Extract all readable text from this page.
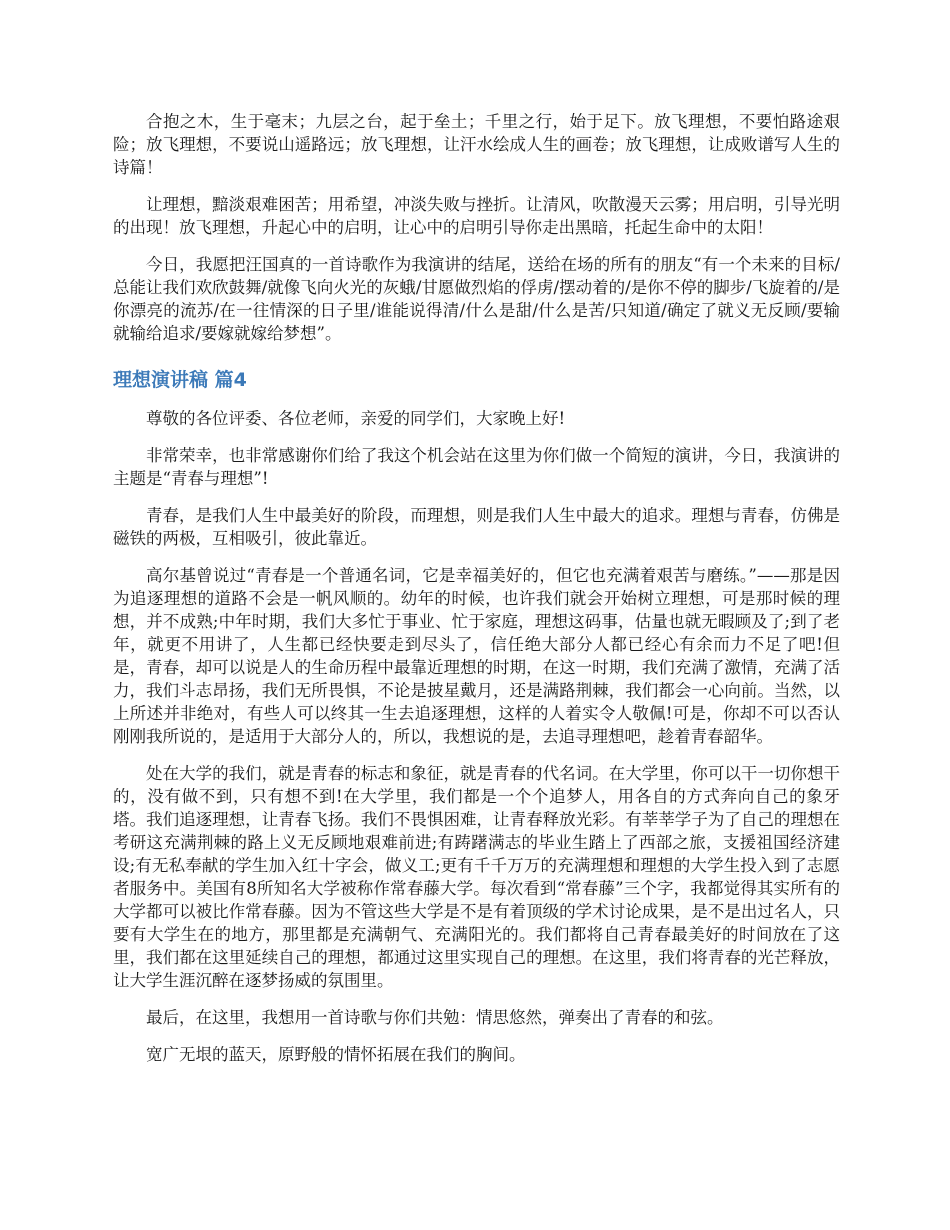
合抱之木，生于毫末；九层之台，起于垒土；千里之行，始于足下。放飞理想，不要怕路途艰险；放飞理想，不要说山遥路远；放飞理想，让汗水绘成人生的画卷；放飞理想，让成败谱写人生的诗篇！

让理想，黯淡艰难困苦；用希望，冲淡失败与挫折。让清风，吹散漫天云雾；用启明，引导光明的出现！放飞理想，升起心中的启明，让心中的启明引导你走出黑暗，托起生命中的太阳！

今日，我愿把汪国真的一首诗歌作为我演讲的结尾，送给在场的所有的朋友“有一个未来的目标/总能让我们欢欣鼓舞/就像飞向火光的灰蛾/甘愿做烈焰的俘虏/摆动着的/是你不停的脚步/飞旋着的/是你漂亮的流苏/在一往情深的日子里/谁能说得清/什么是甜/什么是苦/只知道/确定了就义无反顾/要输就输给追求/要嫁就嫁给梦想”。

理想演讲稿 篇4

尊敬的各位评委、各位老师，亲爱的同学们，大家晚上好!

非常荣幸，也非常感谢你们给了我这个机会站在这里为你们做一个简短的演讲，今日，我演讲的主题是“青春与理想”!

青春，是我们人生中最美好的阶段，而理想，则是我们人生中最大的追求。理想与青春，仿佛是磁铁的两极，互相吸引，彼此靠近。

高尔基曾说过“青春是一个普通名词，它是幸福美好的，但它也充满着艰苦与磨练。”——那是因为追逐理想的道路不会是一帆风顺的。幼年的时候，也许我们就会开始树立理想，可是那时候的理想，并不成熟;中年时期，我们大多忙于事业、忙于家庭，理想这码事，估量也就无暇顾及了;到了老年，就更不用讲了，人生都已经快要走到尽头了，信任绝大部分人都已经心有余而力不足了吧!但是，青春，却可以说是人的生命历程中最靠近理想的时期，在这一时期，我们充满了激情，充满了活力，我们斗志昂扬，我们无所畏惧，不论是披星戴月，还是满路荆棘，我们都会一心向前。当然，以上所述并非绝对，有些人可以终其一生去追逐理想，这样的人着实令人敬佩!可是，你却不可以否认刚刚我所说的，是适用于大部分人的，所以，我想说的是，去追寻理想吧，趁着青春韶华。

处在大学的我们，就是青春的标志和象征，就是青春的代名词。在大学里，你可以干一切你想干的，没有做不到，只有想不到!在大学里，我们都是一个个追梦人，用各自的方式奔向自己的象牙塔。我们追逐理想，让青春飞扬。我们不畏惧困难，让青春释放光彩。有莘莘学子为了自己的理想在考研这充满荆棘的路上义无反顾地艰难前进;有踌躇满志的毕业生踏上了西部之旅，支援祖国经济建设;有无私奉献的学生加入红十字会，做义工;更有千千万万的充满理想和理想的大学生投入到了志愿者服务中。美国有8所知名大学被称作常春藤大学。每次看到“常春藤”三个字，我都觉得其实所有的大学都可以被比作常春藤。因为不管这些大学是不是有着顶级的学术讨论成果，是不是出过名人，只要有大学生在的地方，那里都是充满朝气、充满阳光的。我们都将自己青春最美好的时间放在了这里，我们都在这里延续自己的理想，都通过这里实现自己的理想。在这里，我们将青春的光芒释放，让大学生涯沉醉在逐梦扬威的氛围里。

最后，在这里，我想用一首诗歌与你们共勉：情思悠然，弹奏出了青春的和弦。

宽广无垠的蓝天，原野般的情怀拓展在我们的胸间。
